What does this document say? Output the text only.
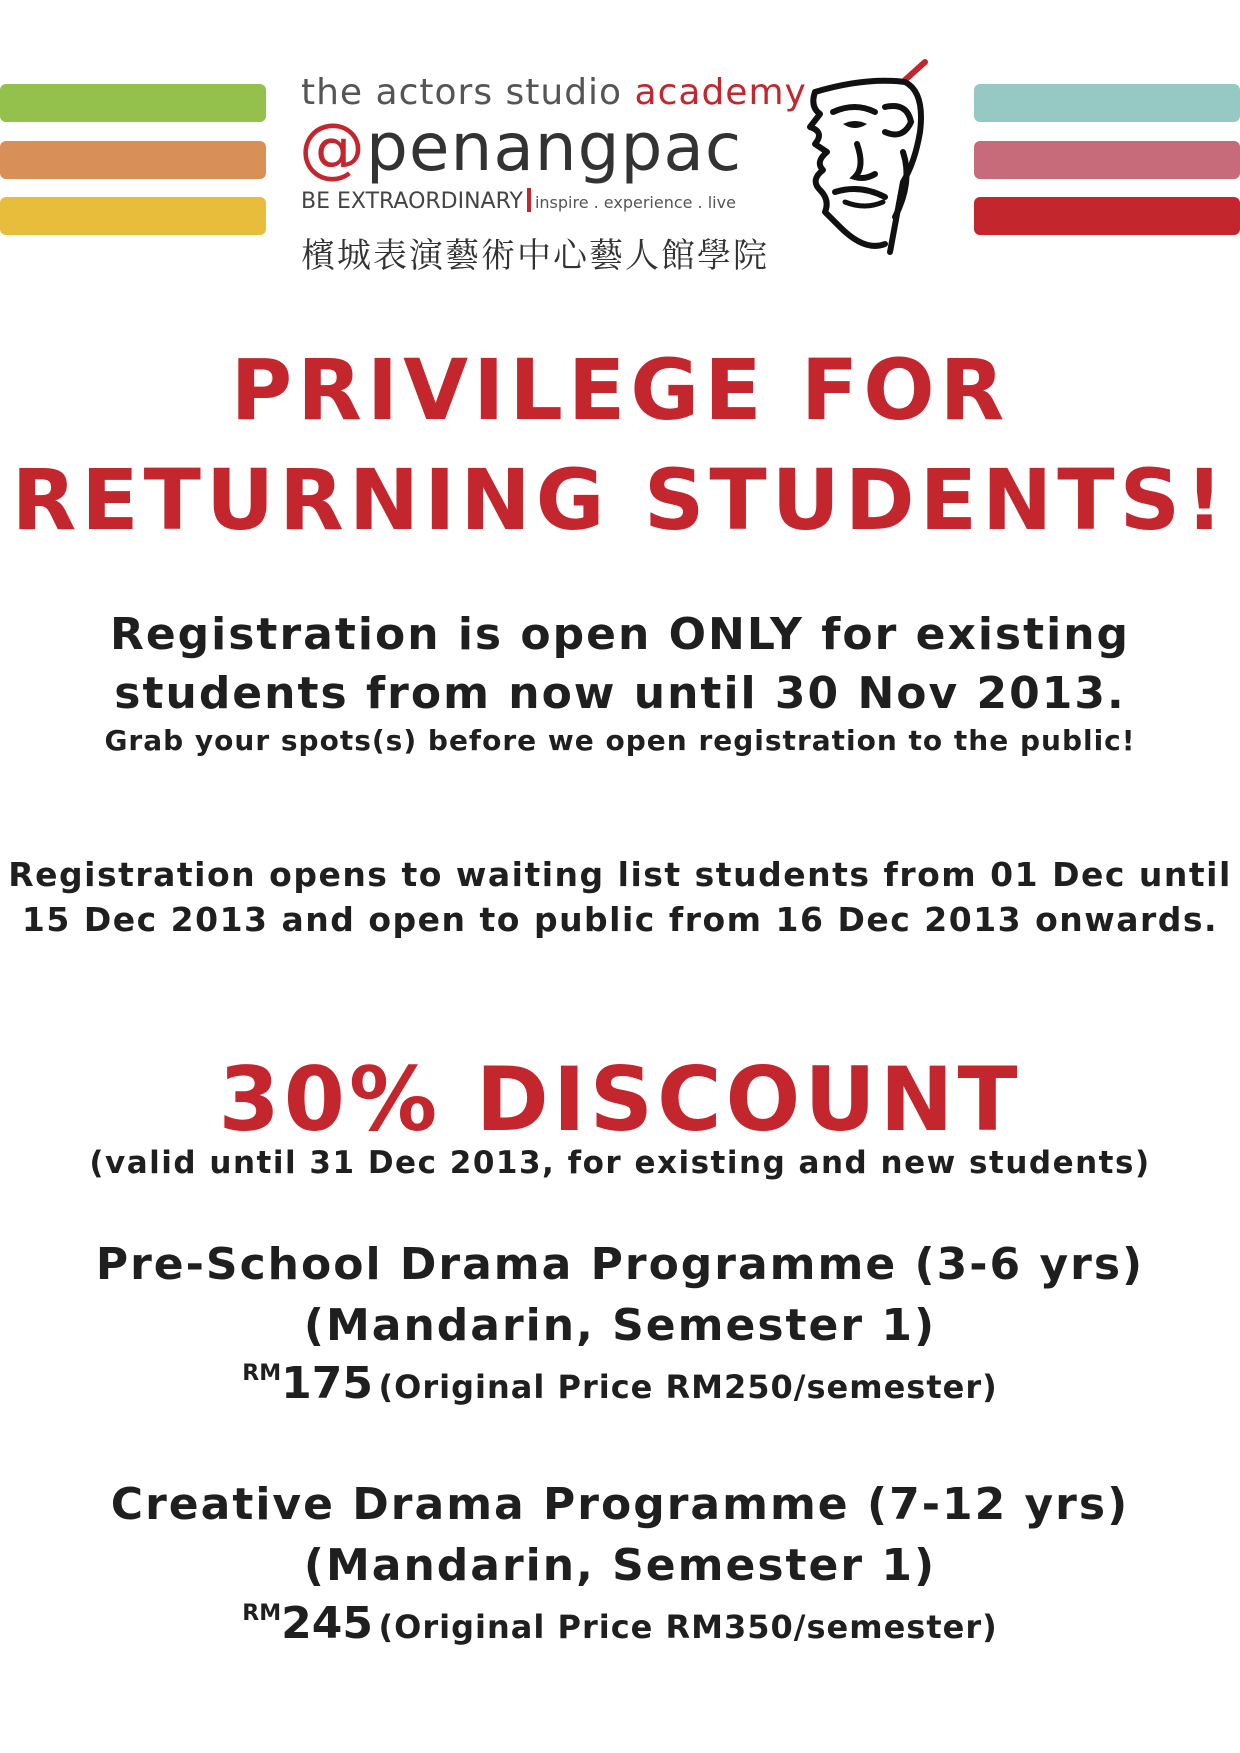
the actors studio academy
@penangpac
BE EXTRAORDINARY inspire . experience . live
檳城表演藝術中心藝人館學院
PRIVILEGE FOR
RETURNING STUDENTS!
Registration is open ONLY for existing
students from now until 30 Nov 2013.
Grab your spots(s) before we open registration to the public!
Registration opens to waiting list students from 01 Dec until
15 Dec 2013 and open to public from 16 Dec 2013 onwards.
30% DISCOUNT
(valid until 31 Dec 2013, for existing and new students)
Pre-School Drama Programme (3-6 yrs)
(Mandarin, Semester 1)
RM175 (Original Price RM250/semester)
Creative Drama Programme (7-12 yrs)
(Mandarin, Semester 1)
RM245 (Original Price RM350/semester)
